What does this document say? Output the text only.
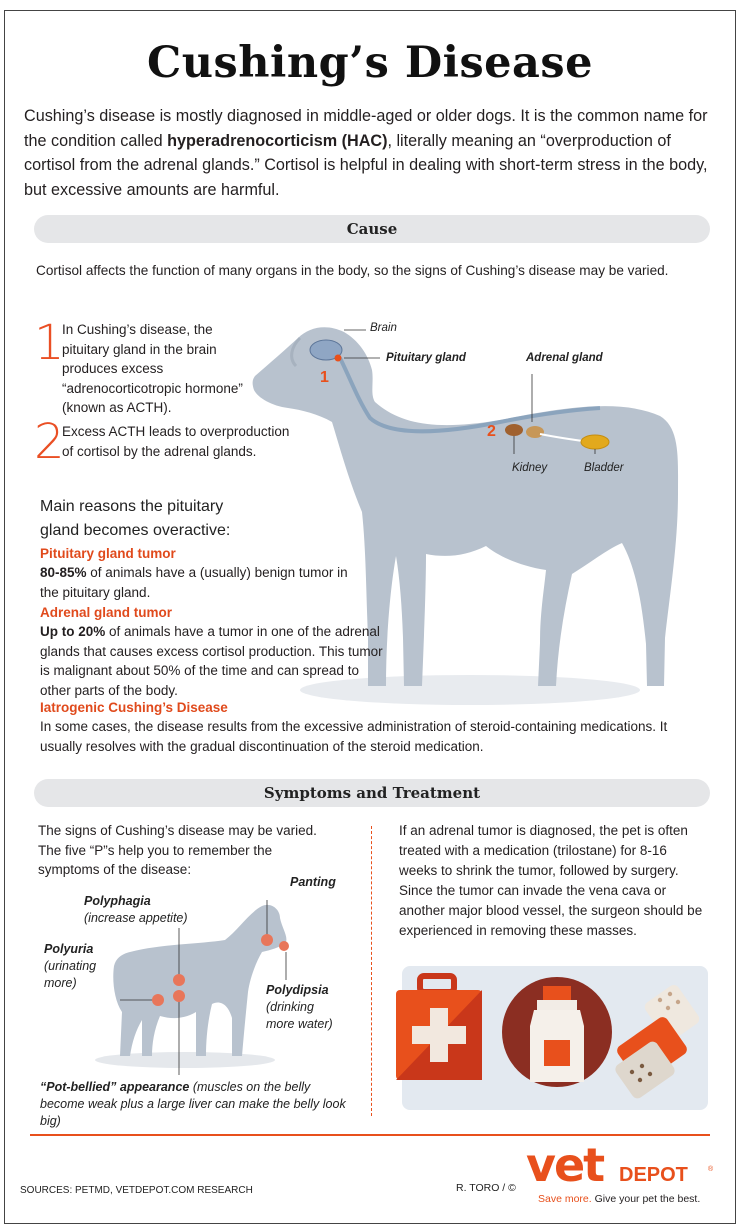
Cushing’s Disease
Cushing’s disease is mostly diagnosed in middle-aged or older dogs. It is the common name for the condition called hyperadrenocorticism (HAC), literally meaning an “overproduction of cortisol from the adrenal glands.” Cortisol is helpful in dealing with short-term stress in the body, but excessive amounts are harmful.
Cause
Cortisol affects the function of many organs in the body, so the signs of Cushing’s disease may be varied.
Brain
Pituitary gland	Adrenal gland
Kidney	Bladder
1
2
1
In Cushing’s disease, the pituitary gland in the brain produces excess “adrenocorticotropic hormone” (known as ACTH).
2
Excess ACTH leads to overproduction of cortisol by the adrenal glands.
Main reasons the pituitary gland becomes overactive:
Pituitary gland tumor
80-85% of animals have a (usually) benign tumor in the pituitary gland.
Adrenal gland tumor
Up to 20% of animals have a tumor in one of the adrenal glands that causes excess cortisol production. This tumor is malignant about 50% of the time and can spread to other parts of the body.
Iatrogenic Cushing’s Disease
In some cases, the disease results from the excessive administration of steroid-containing medications. It usually resolves with the gradual discontinuation of the steroid medication.
Symptoms and Treatment
The signs of Cushing’s disease may be varied. The five “P”s help you to remember the symptoms of the disease:
Panting
Polyphagia
(increase appetite)
Polyuria
(urinating
more)	Polydipsia
(drinking
more water)
“Pot-bellied” appearance (muscles on the belly become weak plus a large liver can make the belly look big)
If an adrenal tumor is diagnosed, the pet is often treated with a medication (trilostane) for 8-16 weeks to shrink the tumor, followed by surgery. Since the tumor can invade the vena cava or another major blood vessel, the surgeon should be experienced in removing these masses.
SOURCES: PETMD, VETDEPOT.COM RESEARCH	R. TORO / © vet DEPOT	®
Save more. Give your pet the best.
